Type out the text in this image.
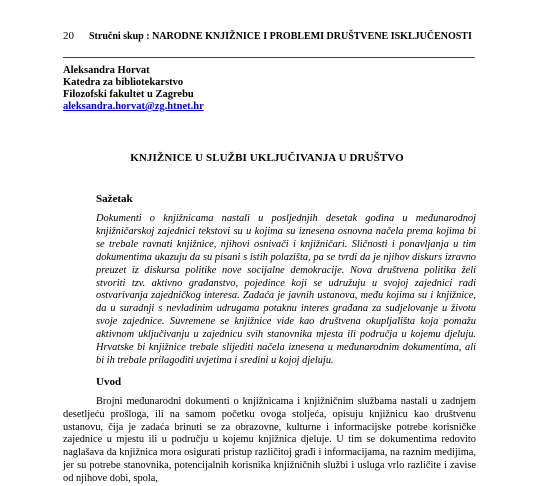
20 Stručni skup : NARODNE KNJIŽNICE I PROBLEMI DRUŠTVENE ISKLJUČENOSTI
Aleksandra Horvat
Katedra za bibliotekarstvo
Filozofski fakultet u Zagrebu
aleksandra.horvat@zg.htnet.hr
KNJIŽNICE U SLUŽBI UKLJUČIVANJA U DRUŠTVO
Sažetak
Dokumenti o knjižnicama nastali u posljednjih desetak godina u međunarodnoj knjižničarskoj zajednici tekstovi su u kojima su iznesena osnovna načela prema kojima bi se trebale ravnati knjižnice, njihovi osnivači i knjižničari. Sličnosti i ponavljanja u tim dokumentima ukazuju da su pisani s istih polazišta, pa se tvrdi da je njihov diskurs izravno preuzet iz diskursa politike nove socijalne demokracije. Nova društvena politika želi stvoriti tzv. aktivno građanstvo, pojedince koji se udružuju u svojoj zajednici radi ostvarivanja zajedničkog interesa. Zadaća je javnih ustanova, među kojima su i knjižnice, da u suradnji s nevladinim udrugama potaknu interes građana za sudjelovanje u životu svoje zajednice. Suvremene se knjižnice vide kao društvena okupljališta koja pomažu aktivnom uključivanju u zajednicu svih stanovnika mjesta ili područja u kojemu djeluju. Hrvatske bi knjižnice trebale slijediti načela iznesena u međunarodnim dokumentima, ali bi ih trebale prilagoditi uvjetima i sredini u kojoj djeluju.
Uvod
Brojni međunarodni dokumenti o knjižnicama i knjižničnim službama nastali u zadnjem desetljeću prošloga, ili na samom početku ovoga stoljeća, opisuju knjižnicu kao društvenu ustanovu, čija je zadaća brinuti se za obrazovne, kulturne i informacijske potrebe korisničke zajednice u mjestu ili u području u kojemu knjižnica djeluje. U tim se dokumentima redovito naglašava da knjižnica mora osigurati pristup različitoj građi i informacijama, na raznim medijima, jer su potrebe stanovnika, potencijalnih korisnika knjižničnih službi i usluga vrlo različite i zavise od njihove dobi, spola,
